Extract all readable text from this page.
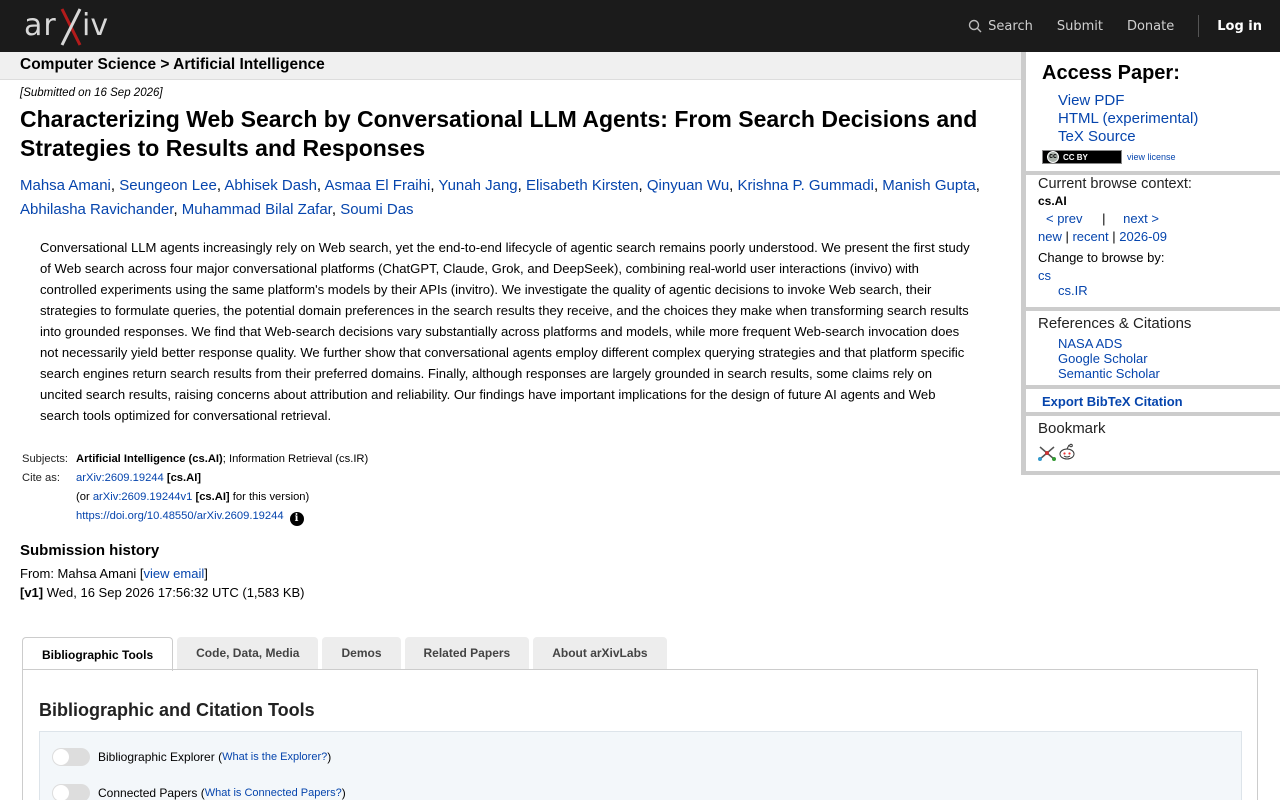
ar iv	Search Submit Donate	Log in
Computer Science > Artificial Intelligence
[Submitted on 16 Sep 2026]
Characterizing Web Search by Conversational LLM Agents: From Search Decisions and Strategies to Results and Responses
Mahsa Amani, Seungeon Lee, Abhisek Dash, Asmaa El Fraihi, Yunah Jang, Elisabeth Kirsten, Qinyuan Wu, Krishna P. Gummadi, Manish Gupta, Abhilasha Ravichander, Muhammad Bilal Zafar, Soumi Das
Conversational LLM agents increasingly rely on Web search, yet the end-to-end lifecycle of agentic search remains poorly understood. We present the first study of Web search across four major conversational platforms (ChatGPT, Claude, Grok, and DeepSeek), combining real-world user interactions (invivo) with controlled experiments using the same platform's models by their APIs (invitro). We investigate the quality of agentic decisions to invoke Web search, their strategies to formulate queries, the potential domain preferences in the search results they receive, and the choices they make when transforming search results into grounded responses. We find that Web-search decisions vary substantially across platforms and models, while more frequent Web-search invocation does not necessarily yield better response quality. We further show that conversational agents employ different complex querying strategies and that platform specific search engines return search results from their preferred domains. Finally, although responses are largely grounded in search results, some claims rely on uncited search results, raising concerns about attribution and reliability. Our findings have important implications for the design of future AI agents and Web search tools optimized for conversational retrieval.
Subjects:	Artificial Intelligence (cs.AI); Information Retrieval (cs.IR)
Cite as:	arXiv:2609.19244 [cs.AI]
	(or arXiv:2609.19244v1 [cs.AI] for this version)
	https://doi.org/10.48550/arXiv.2609.19244 i
Submission history
From: Mahsa Amani [view email]
[v1] Wed, 16 Sep 2026 17:56:32 UTC (1,583 KB)
Bibliographic Tools	Code, Data, Media	Demos	Related Papers	About arXivLabs
Bibliographic and Citation Tools
Bibliographic Explorer ( What is the Explorer? )
Connected Papers ( What is Connected Papers? )
Access Paper:
View PDF
HTML (experimental)
TeX Source
cc CC BY	view license
Current browse context:
cs.AI
< prev | next >
new | recent | 2026-09
Change to browse by:
cs
cs.IR
References & Citations
NASA ADS
Google Scholar
Semantic Scholar
Export BibTeX Citation
Bookmark
